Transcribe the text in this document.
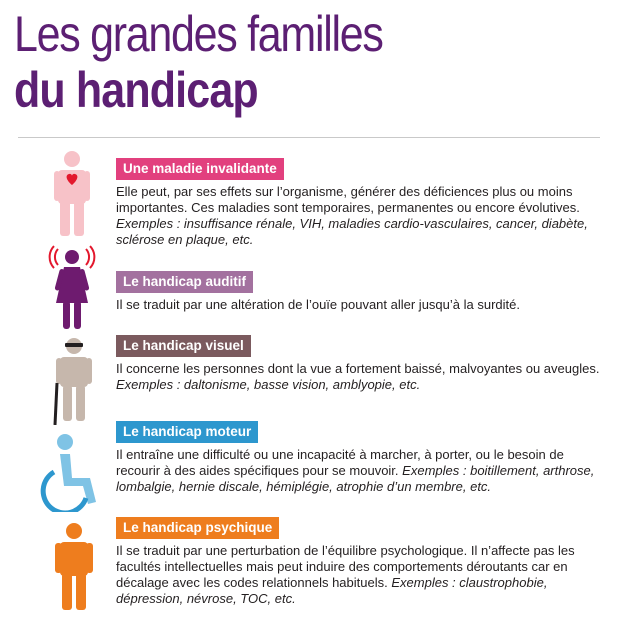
Les grandes familles
du handicap
Une maladie invalidante
Elle peut, par ses effets sur l’organisme, générer des déficiences plus ou moins importantes. Ces maladies sont temporaires, permanentes ou encore évolutives. Exemples : insuffisance rénale, VIH, maladies cardio-vasculaires, cancer, diabète, sclérose en plaque, etc.
Le handicap auditif
Il se traduit par une altération de l’ouïe pouvant aller jusqu’à la surdité.
Le handicap visuel
Il concerne les personnes dont la vue a fortement baissé, malvoyantes ou aveugles. Exemples : daltonisme, basse vision, amblyopie, etc.
Le handicap moteur
Il entraîne une difficulté ou une incapacité à marcher, à porter, ou le besoin de recourir à des aides spécifiques pour se mouvoir. Exemples : boitillement, arthrose, lombalgie, hernie discale, hémiplégie, atrophie d’un membre, etc.
Le handicap psychique
Il se traduit par une perturbation de l’équilibre psychologique. Il n’affecte pas les facultés intellectuelles mais peut induire des comportements déroutants car en décalage avec les codes relationnels habituels. Exemples : claustrophobie, dépression, névrose, TOC, etc.
